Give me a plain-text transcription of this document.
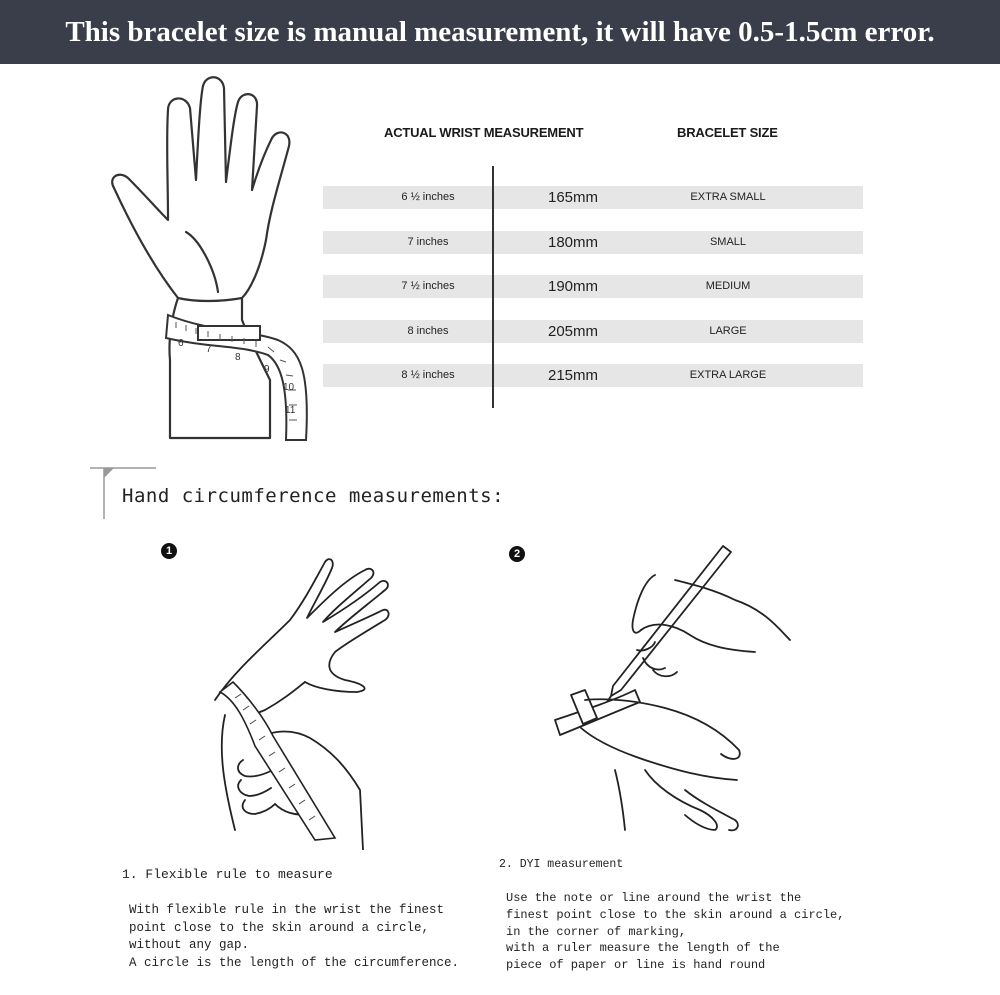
This bracelet size is manual measurement, it will have 0.5-1.5cm error.
6
7
8
9
10
11
ACTUAL WRIST MEASUREMENT	BRACELET SIZE
6 ½ inches	165mm	EXTRA SMALL
7 inches	180mm	SMALL
7 ½ inches	190mm	MEDIUM
8 inches	205mm	LARGE
8 ½ inches	215mm	EXTRA LARGE
Hand circumference measurements:
1
1. Flexible rule to measure
With flexible rule in the wrist the finest
point close to the skin around a circle,
without any gap.
A circle is the length of the circumference.
2
2. DYI measurement
Use the note or line around the wrist the
finest point close to the skin around a circle,
in the corner of marking,
with a ruler measure the length of the
piece of paper or line is hand round
